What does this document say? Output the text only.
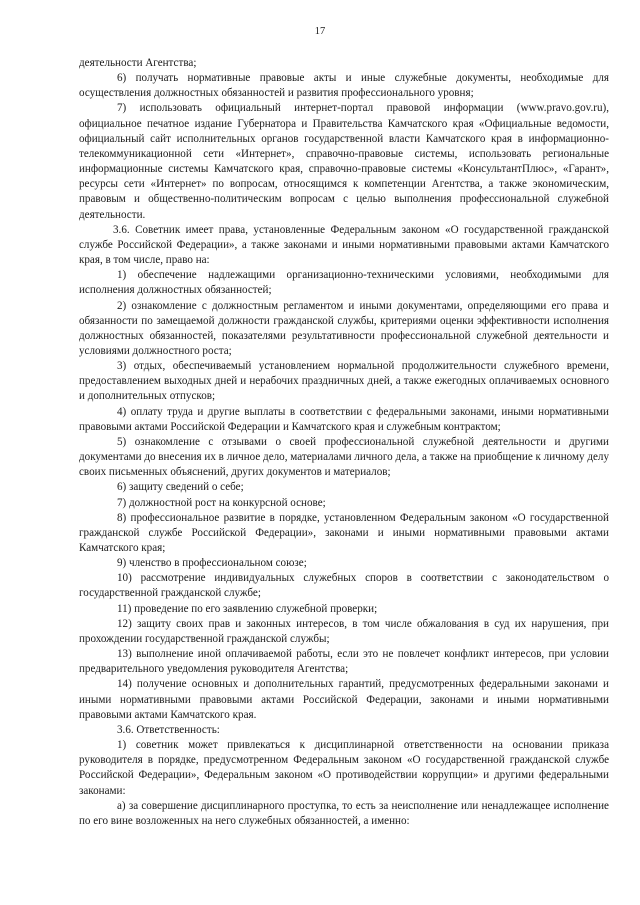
17

деятельности Агентства;

6) получать нормативные правовые акты и иные служебные документы, необходимые для осуществления должностных обязанностей и развития профессионального уровня;

7) использовать официальный интернет-портал правовой информации (www.pravo.gov.ru), официальное печатное издание Губернатора и Правительства Камчатского края «Официальные ведомости, официальный сайт исполнительных органов государственной власти Камчатского края в информационно-телекоммуникационной сети «Интернет», справочно-правовые системы, использовать региональные информационные системы Камчатского края, справочно-правовые системы «КонсультантПлюс», «Гарант», ресурсы сети «Интернет» по вопросам, относящимся к компетенции Агентства, а также экономическим, правовым и общественно-политическим вопросам с целью выполнения профессиональной служебной деятельности.

3.6. Советник имеет права, установленные Федеральным законом «О государственной гражданской службе Российской Федерации», а также законами и иными нормативными правовыми актами Камчатского края, в том числе, право на:

1) обеспечение надлежащими организационно-техническими условиями, необходимыми для исполнения должностных обязанностей;

2) ознакомление с должностным регламентом и иными документами, определяющими его права и обязанности по замещаемой должности гражданской службы, критериями оценки эффективности исполнения должностных обязанностей, показателями результативности профессиональной служебной деятельности и условиями должностного роста;

3) отдых, обеспечиваемый установлением нормальной продолжительности служебного времени, предоставлением выходных дней и нерабочих праздничных дней, а также ежегодных оплачиваемых основного и дополнительных отпусков;

4) оплату труда и другие выплаты в соответствии с федеральными законами, иными нормативными правовыми актами Российской Федерации и Камчатского края и служебным контрактом;

5) ознакомление с отзывами о своей профессиональной служебной деятельности и другими документами до внесения их в личное дело, материалами личного дела, а также на приобщение к личному делу своих письменных объяснений, других документов и материалов;

6) защиту сведений о себе;

7) должностной рост на конкурсной основе;

8) профессиональное развитие в порядке, установленном Федеральным законом «О государственной гражданской службе Российской Федерации», законами и иными нормативными правовыми актами Камчатского края;

9) членство в профессиональном союзе;

10) рассмотрение индивидуальных служебных споров в соответствии с законодательством о государственной гражданской службе;

11) проведение по его заявлению служебной проверки;

12) защиту своих прав и законных интересов, в том числе обжалования в суд их нарушения, при прохождении государственной гражданской службы;

13) выполнение иной оплачиваемой работы, если это не повлечет конфликт интересов, при условии предварительного уведомления руководителя Агентства;

14) получение основных и дополнительных гарантий, предусмотренных федеральными законами и иными нормативными правовыми актами Российской Федерации, законами и иными нормативными правовыми актами Камчатского края.

3.6. Ответственность:

1) советник может привлекаться к дисциплинарной ответственности на основании приказа руководителя в порядке, предусмотренном Федеральным законом «О государственной гражданской службе Российской Федерации», Федеральным законом «О противодействии коррупции» и другими федеральными законами:

а) за совершение дисциплинарного проступка, то есть за неисполнение или ненадлежащее исполнение по его вине возложенных на него служебных обязанностей, а именно:
